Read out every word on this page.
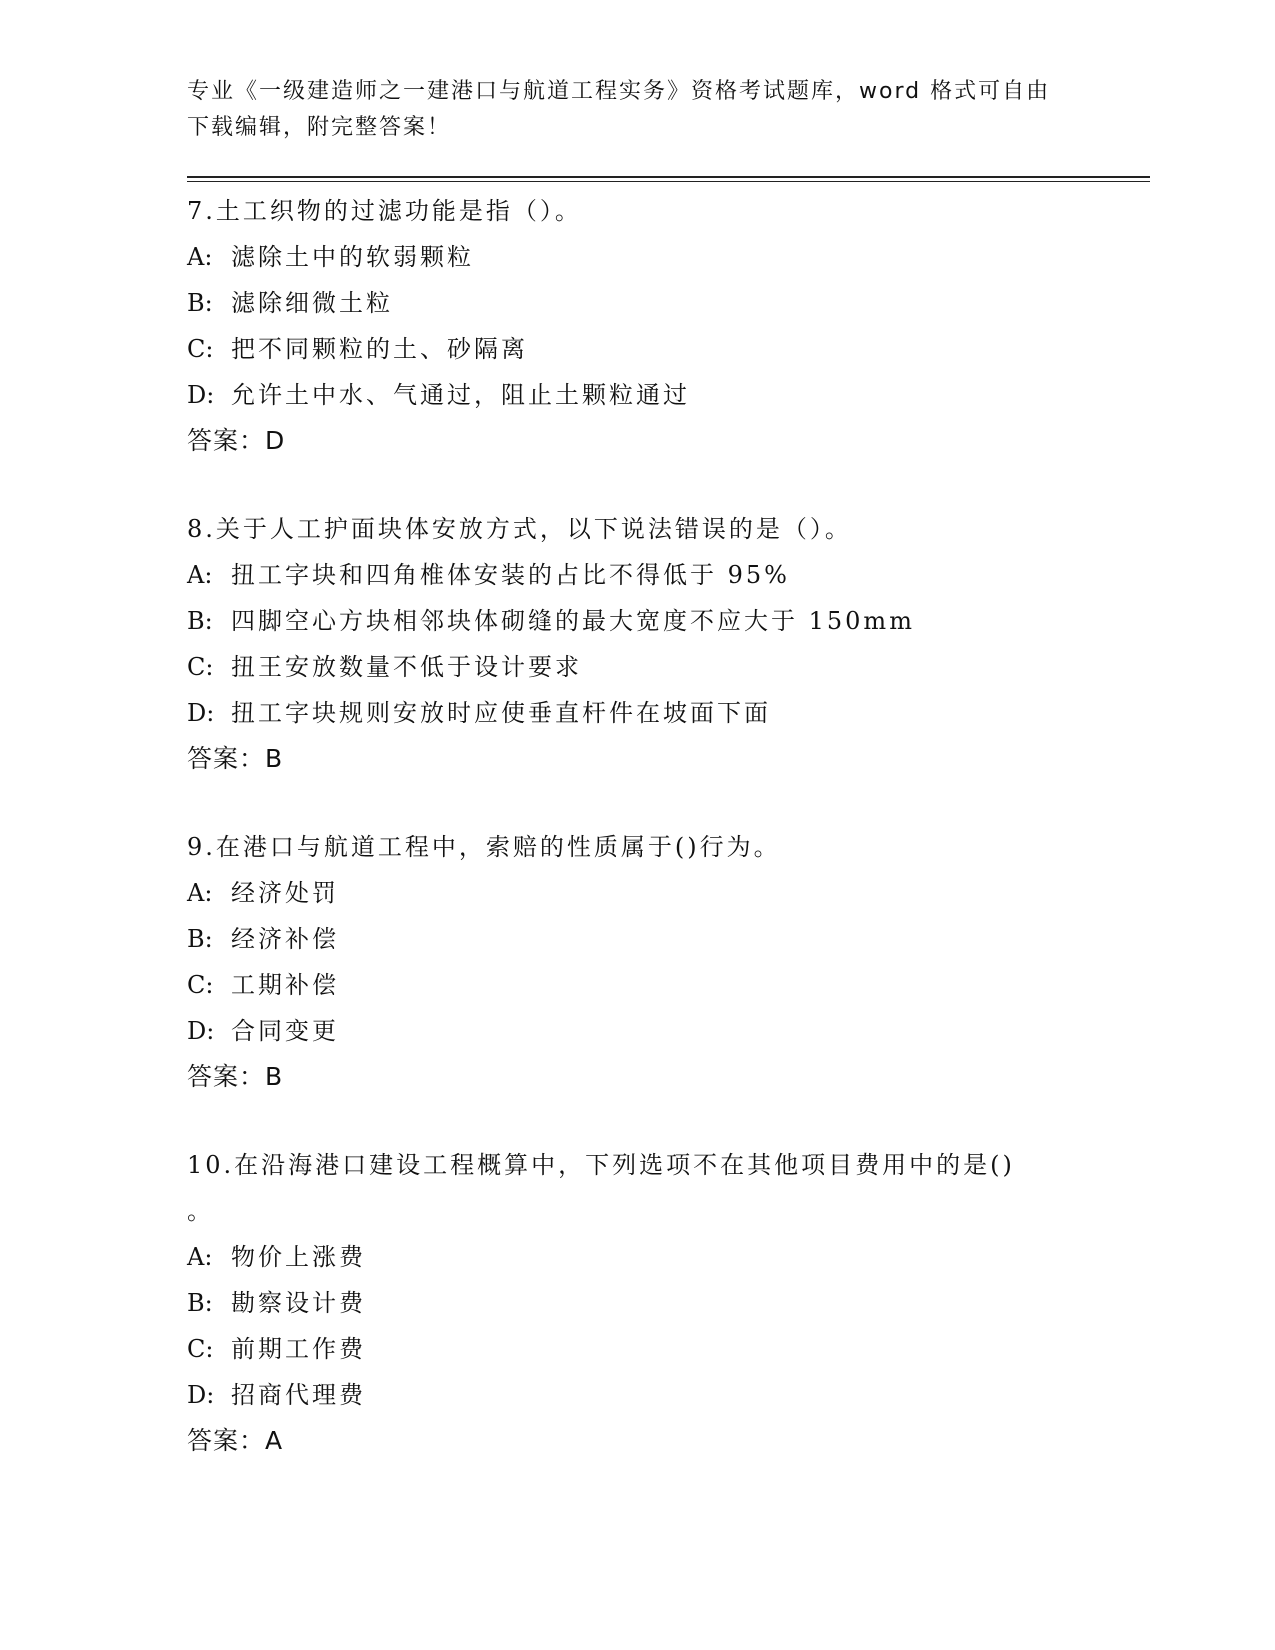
专业《一级建造师之一建港口与航道工程实务》资格考试题库，word 格式可自由
下载编辑，附完整答案！
7.土工织物的过滤功能是指（）。
A: 滤除土中的软弱颗粒
B: 滤除细微土粒
C: 把不同颗粒的土、砂隔离
D: 允许土中水、气通过，阻止土颗粒通过
答案：D
8.关于人工护面块体安放方式，以下说法错误的是（）。
A: 扭工字块和四角椎体安装的占比不得低于 95%
B: 四脚空心方块相邻块体砌缝的最大宽度不应大于 150mm
C: 扭王安放数量不低于设计要求
D: 扭工字块规则安放时应使垂直杆件在坡面下面
答案：B
9.在港口与航道工程中，索赔的性质属于()行为。
A: 经济处罚
B: 经济补偿
C: 工期补偿
D: 合同变更
答案：B
10.在沿海港口建设工程概算中，下列选项不在其他项目费用中的是()
。
A: 物价上涨费
B: 勘察设计费
C: 前期工作费
D: 招商代理费
答案：A
